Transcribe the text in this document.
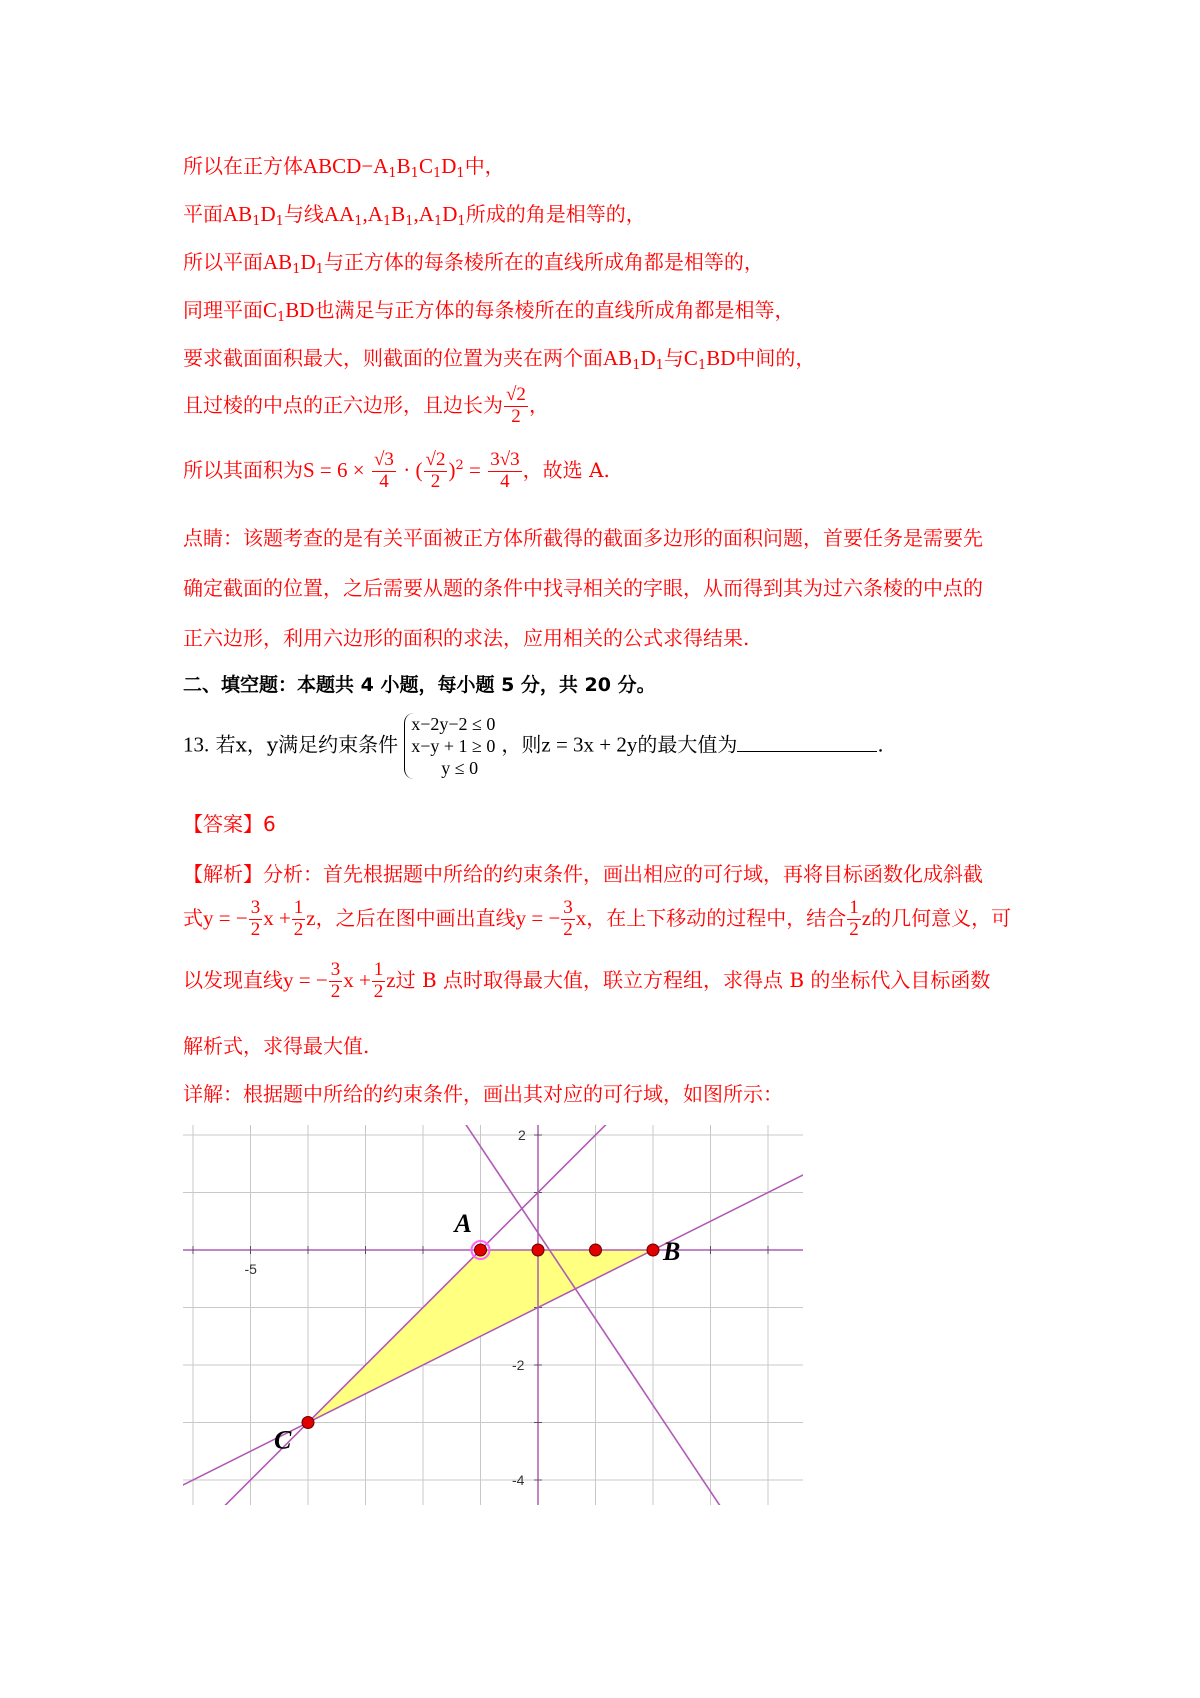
所以在正方体$ABCD-A_1B_1C_1D_1$中，
平面$AB_1D_1$与线$AA_1,A_1B_1,A_1D_1$所成的角是相等的，
所以平面$AB_1D_1$与正方体的每条棱所在的直线所成角都是相等的，
同理平面$C_1BD$也满足与正方体的每条棱所在的直线所成角都是相等，
要求截面面积最大，则截面的位置为夹在两个面$AB_1D_1$与$C_1BD$中间的，
且过棱的中点的正六边形，且边长为 $\frac{√2}{2}$ ，
所以其面积为$S = 6 \times \frac{√3}{4}$ · ( $\frac{√2}{2} )^2 = \frac{3√3}{4}$ ，故选 A.
点睛：该题考查的是有关平面被正方体所截得的截面多边形的面积问题，首要任务是需要先
确定截面的位置，之后需要从题的条件中找寻相关的字眼，从而得到其为过六条棱的中点的
正六边形，利用六边形的面积的求法，应用相关的公式求得结果.
二、填空题：本题共 4 小题，每小题 5 分，共 20 分。
13. 若x，y满足约束条件
x−2y−2 ≤ 0
x−y + 1 ≥ 0
y ≤ 0
，则z = 3x + 2y的最大值为	.
【答案】6
【解析】分析：首先根据题中所给的约束条件，画出相应的可行域，再将目标函数化成斜截
式y = − $\frac{3}{2}$ $x + \frac{1}{2}$ z，之后在图中画出直线y = − $\frac{3}{2}$ x，在上下移动的过程中，结合 $\frac{1}{2}$ z的几何意义，可
以发现直线y = − $\frac{3}{2}$ $x + \frac{1}{2}$ z过 B 点时取得最大值，联立方程组，求得点 B 的坐标代入目标函数
解析式，求得最大值.
详解：根据题中所给的约束条件，画出其对应的可行域，如图所示：
-5
2
-2
-4
A
B
C
